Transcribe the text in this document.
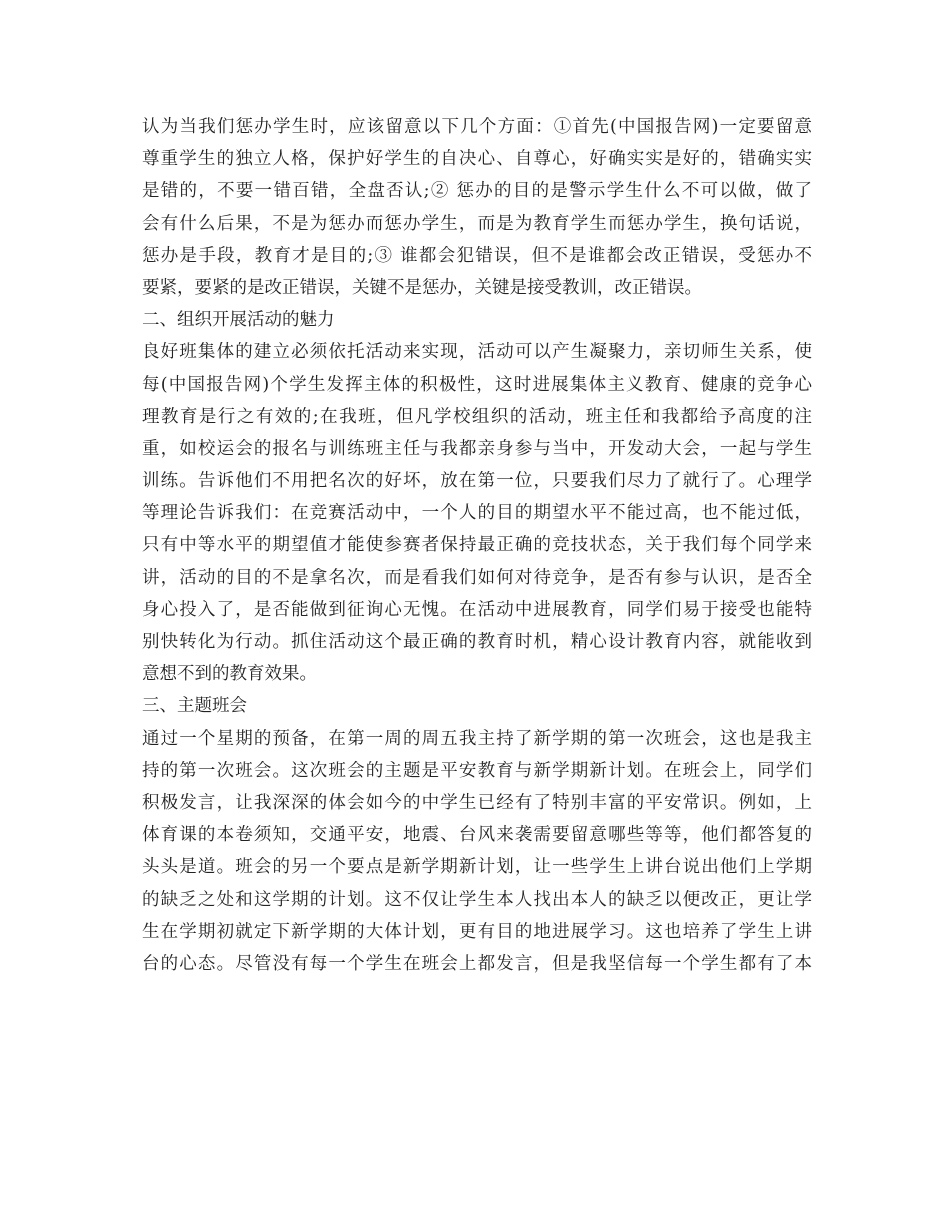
认为当我们惩办学生时，应该留意以下几个方面：①首先(中国报告网)一定要留意
尊重学生的独立人格，保护好学生的自决心、自尊心，好确实实是好的，错确实实
是错的，不要一错百错，全盘否认;② 惩办的目的是警示学生什么不可以做，做了
会有什么后果，不是为惩办而惩办学生，而是为教育学生而惩办学生，换句话说，
惩办是手段，教育才是目的;③ 谁都会犯错误，但不是谁都会改正错误，受惩办不
要紧，要紧的是改正错误，关键不是惩办，关键是接受教训，改正错误。
二、组织开展活动的魅力
良好班集体的建立必须依托活动来实现，活动可以产生凝聚力，亲切师生关系，使
每(中国报告网)个学生发挥主体的积极性，这时进展集体主义教育、健康的竞争心
理教育是行之有效的;在我班，但凡学校组织的活动，班主任和我都给予高度的注
重，如校运会的报名与训练班主任与我都亲身参与当中，开发动大会，一起与学生
训练。告诉他们不用把名次的好坏，放在第一位，只要我们尽力了就行了。心理学
等理论告诉我们：在竞赛活动中，一个人的目的期望水平不能过高，也不能过低，
只有中等水平的期望值才能使参赛者保持最正确的竞技状态，关于我们每个同学来
讲，活动的目的不是拿名次，而是看我们如何对待竞争，是否有参与认识，是否全
身心投入了，是否能做到征询心无愧。在活动中进展教育，同学们易于接受也能特
别快转化为行动。抓住活动这个最正确的教育时机，精心设计教育内容，就能收到
意想不到的教育效果。
三、主题班会
通过一个星期的预备，在第一周的周五我主持了新学期的第一次班会，这也是我主
持的第一次班会。这次班会的主题是平安教育与新学期新计划。在班会上，同学们
积极发言，让我深深的体会如今的中学生已经有了特别丰富的平安常识。例如，上
体育课的本卷须知，交通平安，地震、台风来袭需要留意哪些等等，他们都答复的
头头是道。班会的另一个要点是新学期新计划，让一些学生上讲台说出他们上学期
的缺乏之处和这学期的计划。这不仅让学生本人找出本人的缺乏以便改正，更让学
生在学期初就定下新学期的大体计划，更有目的地进展学习。这也培养了学生上讲
台的心态。尽管没有每一个学生在班会上都发言，但是我坚信每一个学生都有了本
